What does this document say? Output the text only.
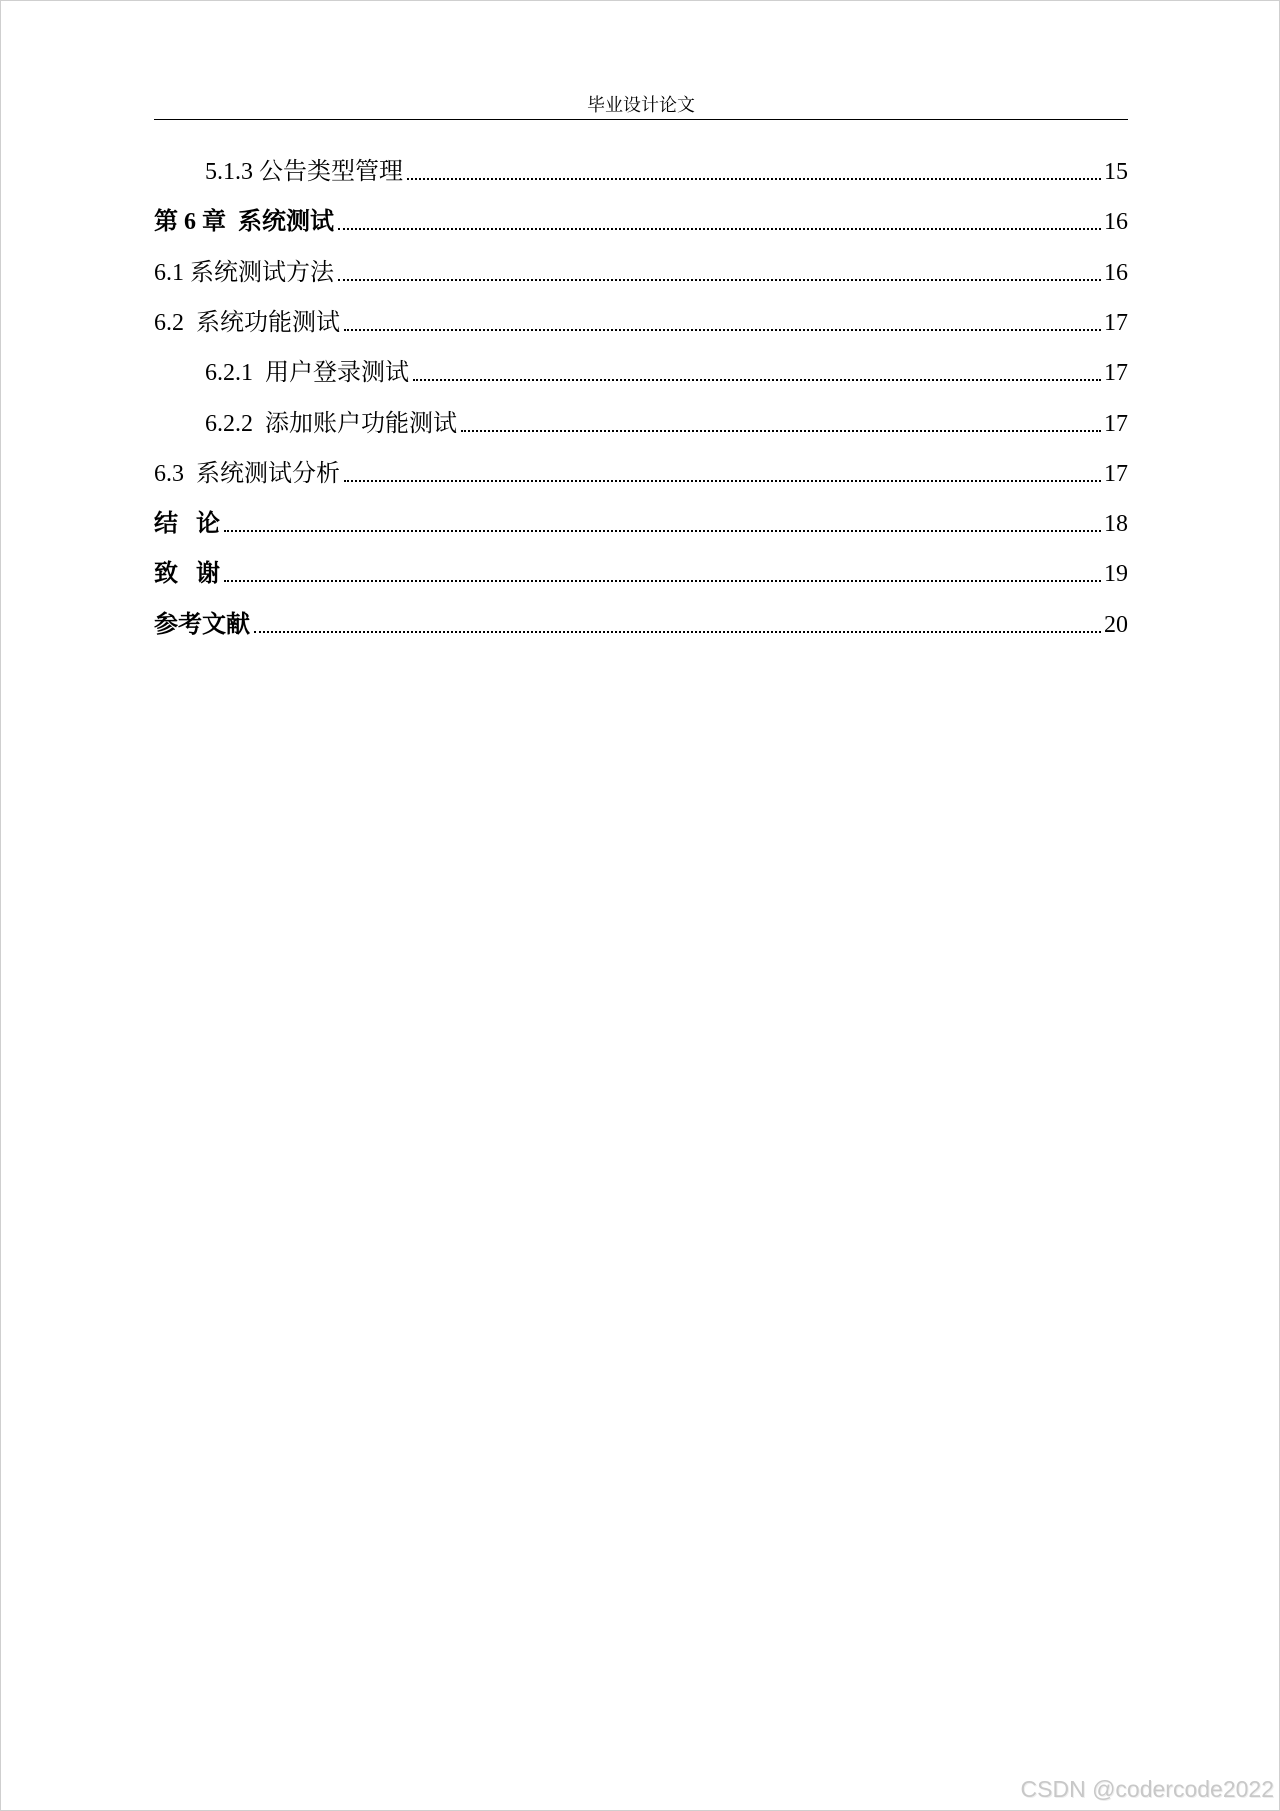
毕业设计论文
5.1.3 公告类型管理	15
第 6 章  系统测试	16
6.1 系统测试方法	16
6.2  系统功能测试	17
6.2.1  用户登录测试	17
6.2.2  添加账户功能测试	17
6.3  系统测试分析	17
结   论	18
致   谢	19
参考文献	20
CSDN @codercode2022
